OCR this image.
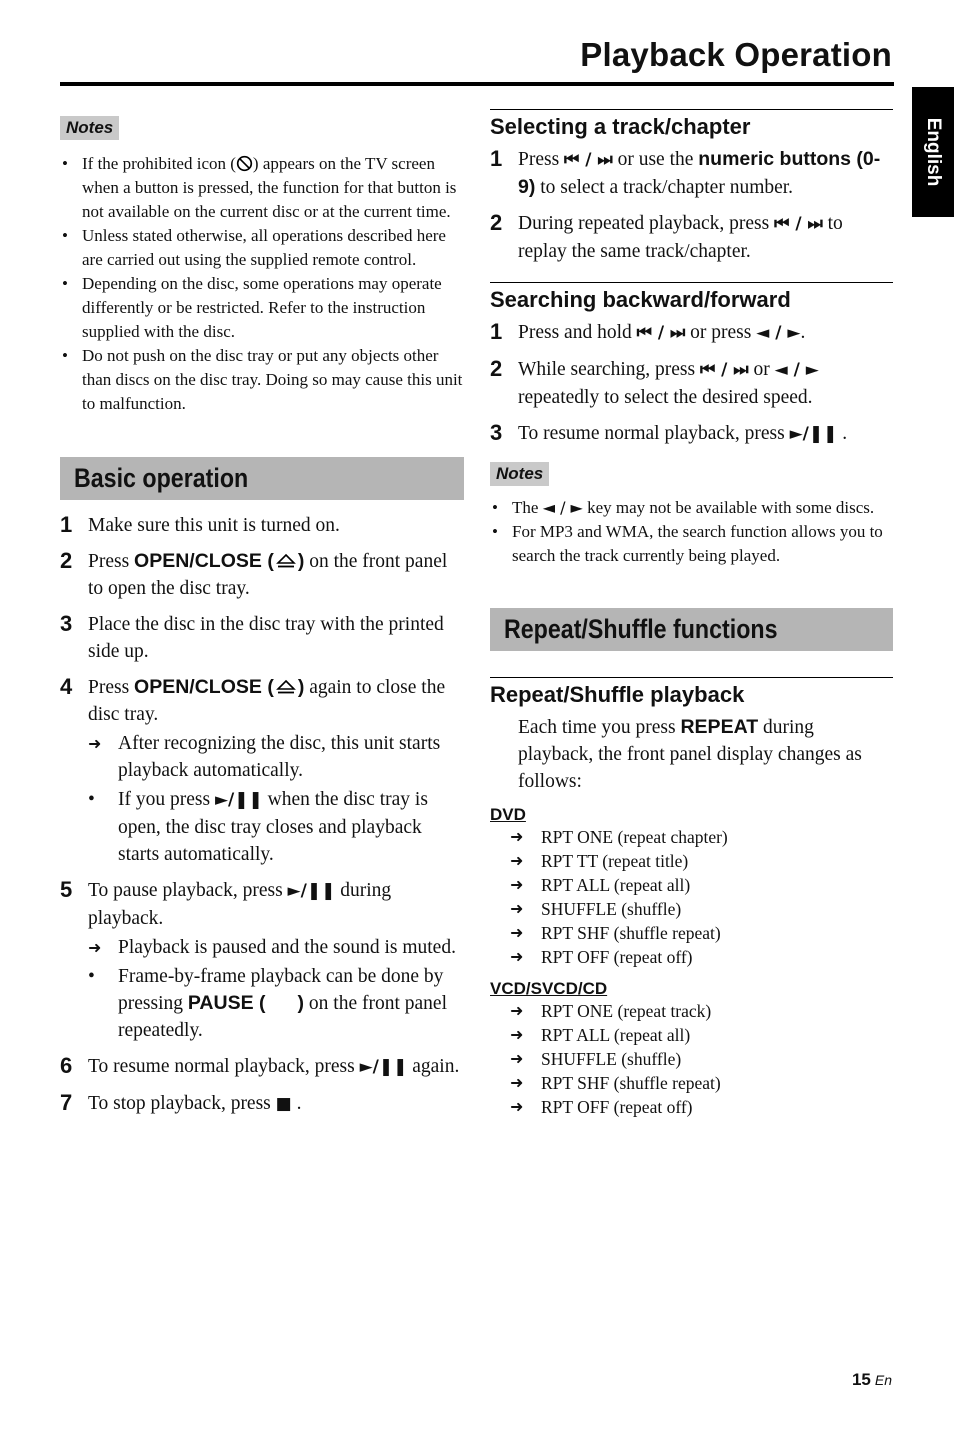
Playback Operation
English
Notes
• If the prohibited icon ( ) appears on the TV screen when a button is pressed, the function for that button is not available on the current disc or at the current time.
• Unless stated otherwise, all operations described here are carried out using the supplied remote control.
• Depending on the disc, some operations may operate differently or be restricted. Refer to the instruction supplied with the disc.
• Do not push on the disc tray or put any objects other than discs on the disc tray. Doing so may cause this unit to malfunction.
Basic operation
1 Make sure this unit is turned on.
2 Press OPEN/CLOSE ( ) on the front panel to open the disc tray.
3 Place the disc in the disc tray with the printed side up.
4 Press OPEN/CLOSE ( ) again to close the disc tray.
➜ After recognizing the disc, this unit starts playback automatically.
• If you press ►/❚❚ when the disc tray is open, the disc tray closes and playback starts automatically.
5 To pause playback, press ►/❚❚ during playback.
➜ Playback is paused and the sound is muted.
• Frame-by-frame playback can be done by pressing PAUSE ( ) on the front panel repeatedly.
6 To resume normal playback, press ►/❚❚ again.
7 To stop playback, press ■ .
Selecting a track/chapter
1 Press ⏮ / ⏭ or use the numeric buttons (0-9) to select a track/chapter number.
2 During repeated playback, press ⏮ / ⏭ to replay the same track/chapter.
Searching backward/forward
1 Press and hold ⏮ / ⏭ or press ◄ / ►.
2 While searching, press ⏮ / ⏭ or ◄ / ► repeatedly to select the desired speed.
3 To resume normal playback, press ►/❚❚ .
Notes
• The ◄ / ► key may not be available with some discs.
• For MP3 and WMA, the search function allows you to search the track currently being played.
Repeat/Shuffle functions
Repeat/Shuffle playback

Each time you press REPEAT during playback, the front panel display changes as follows:

DVD

➜ RPT ONE (repeat chapter)
➜ RPT TT (repeat title)
➜ RPT ALL (repeat all)
➜ SHUFFLE (shuffle)
➜ RPT SHF (shuffle repeat)
➜ RPT OFF (repeat off)

VCD/SVCD/CD

➜ RPT ONE (repeat track)
➜ RPT ALL (repeat all)
➜ SHUFFLE (shuffle)
➜ RPT SHF (shuffle repeat)
➜ RPT OFF (repeat off)
15 En
